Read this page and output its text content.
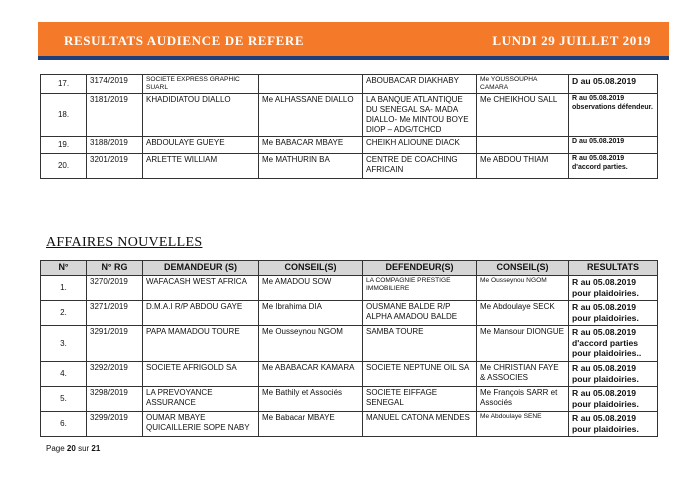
RESULTATS AUDIENCE DE REFERE	LUNDI 29 JUILLET 2019
17.	3174/2019	SOCIETE EXPRESS GRAPHIC SUARL		ABOUBACAR DIAKHABY	Me YOUSSOUPHA CAMARA	D au 05.08.2019
18.	3181/2019	KHADIDIATOU DIALLO	Me ALHASSANE DIALLO	LA BANQUE ATLANTIQUE DU SENEGAL SA- MADA DIALLO- Me MINTOU BOYE DIOP – ADG/TCHCD	Me CHEIKHOU SALL	R au 05.08.2019 observations défendeur.
19.	3188/2019	ABDOULAYE GUEYE	Me BABACAR MBAYE	CHEIKH ALIOUNE DIACK		D au 05.08.2019
20.	3201/2019	ARLETTE WILLIAM	Me MATHURIN BA	CENTRE DE COACHING AFRICAIN	Me ABDOU THIAM	R au 05.08.2019 d'accord parties.
AFFAIRES NOUVELLES
N°	N° RG	DEMANDEUR (S)	CONSEIL(S)	DEFENDEUR(S)	CONSEIL(S)	RESULTATS
1.	3270/2019	WAFACASH WEST AFRICA	Me AMADOU SOW	LA COMPAGNIE PRESTIGE IMMOBILIERE	Me Ousseynou NGOM	R au 05.08.2019 pour plaidoiries.
2.	3271/2019	D.M.A.I R/P ABDOU GAYE	Me Ibrahima DIA	OUSMANE BALDE R/P ALPHA AMADOU BALDE	Me Abdoulaye SECK	R au 05.08.2019 pour plaidoiries.
3.	3291/2019	PAPA MAMADOU TOURE	Me Ousseynou NGOM	SAMBA TOURE	Me Mansour DIONGUE	R au 05.08.2019 d'accord parties pour plaidoiries..
4.	3292/2019	SOCIETE AFRIGOLD SA	Me ABABACAR KAMARA	SOCIETE NEPTUNE OIL SA	Me CHRISTIAN FAYE & ASSOCIES	R au 05.08.2019 pour plaidoiries.
5.	3298/2019	LA PREVOYANCE ASSURANCE	Me Bathily et Associés	SOCIETE EIFFAGE SENEGAL	Me François SARR et Associés	R au 05.08.2019 pour plaidoiries.
6.	3299/2019	OUMAR MBAYE QUICAILLERIE SOPE NABY	Me Babacar MBAYE	MANUEL CATONA MENDES	Me Abdoulaye SENE	R au 05.08.2019 pour plaidoiries.
Page 20 sur 21
